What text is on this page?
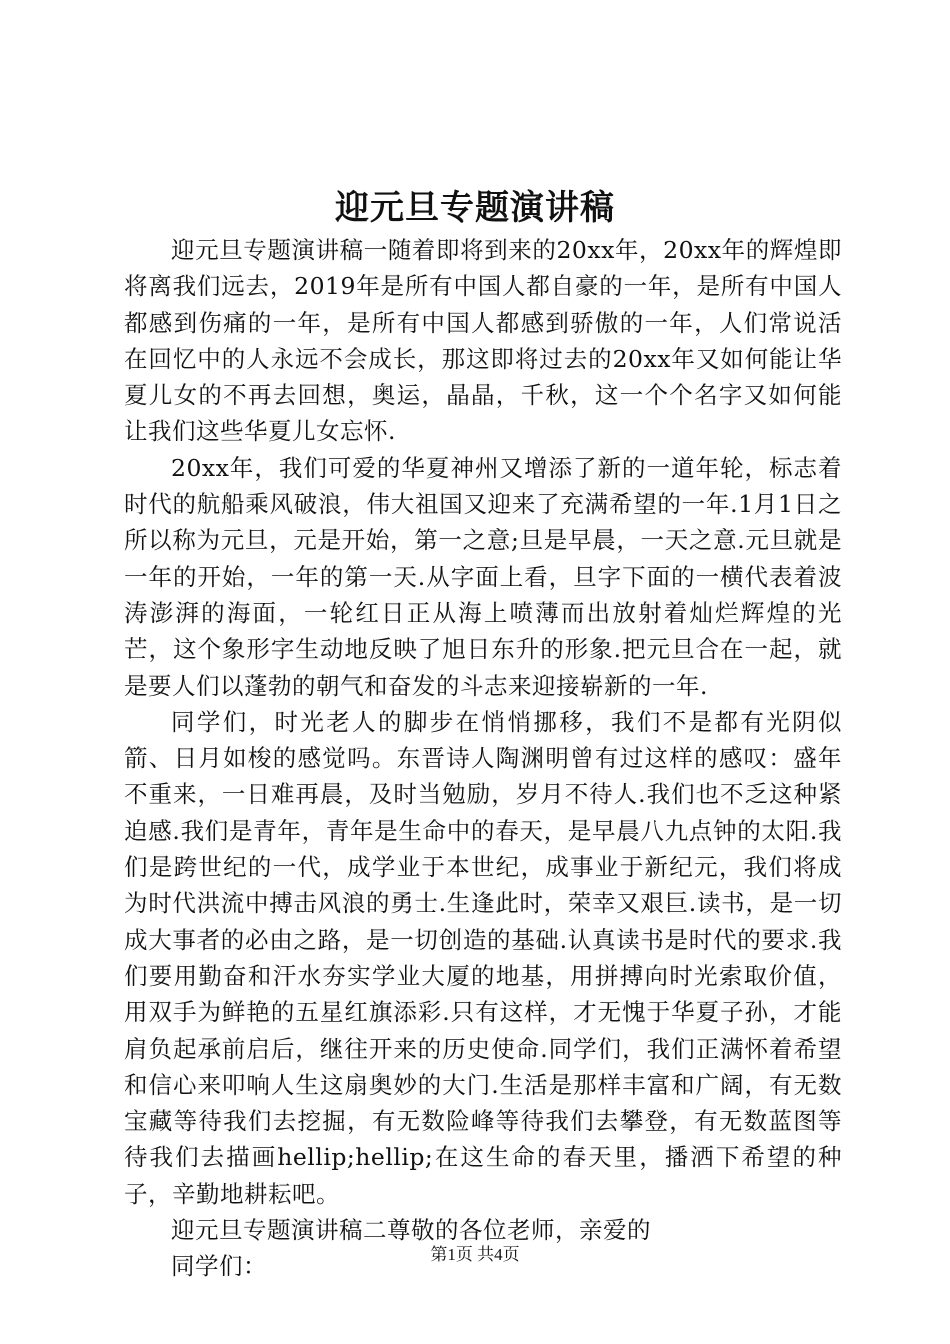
迎元旦专题演讲稿

迎元旦专题演讲稿一随着即将到来的20xx年，20xx年的辉煌即将离我们远去，2019年是所有中国人都自豪的一年，是所有中国人都感到伤痛的一年，是所有中国人都感到骄傲的一年，人们常说活在回忆中的人永远不会成长，那这即将过去的20xx年又如何能让华夏儿女的不再去回想，奥运，晶晶，千秋，这一个个名字又如何能让我们这些华夏儿女忘怀.

20xx年，我们可爱的华夏神州又增添了新的一道年轮，标志着时代的航船乘风破浪，伟大祖国又迎来了充满希望的一年.1月1日之所以称为元旦，元是开始，第一之意;旦是早晨，一天之意.元旦就是一年的开始，一年的第一天.从字面上看，旦字下面的一横代表着波涛澎湃的海面，一轮红日正从海上喷薄而出放射着灿烂辉煌的光芒，这个象形字生动地反映了旭日东升的形象.把元旦合在一起，就是要人们以蓬勃的朝气和奋发的斗志来迎接崭新的一年.

同学们，时光老人的脚步在悄悄挪移，我们不是都有光阴似箭、日月如梭的感觉吗。东晋诗人陶渊明曾有过这样的感叹：盛年不重来，一日难再晨，及时当勉励，岁月不待人.我们也不乏这种紧迫感.我们是青年，青年是生命中的春天，是早晨八九点钟的太阳.我们是跨世纪的一代，成学业于本世纪，成事业于新纪元，我们将成为时代洪流中搏击风浪的勇士.生逢此时，荣幸又艰巨.读书，是一切成大事者的必由之路，是一切创造的基础.认真读书是时代的要求.我们要用勤奋和汗水夯实学业大厦的地基，用拼搏向时光索取价值，用双手为鲜艳的五星红旗添彩.只有这样，才无愧于华夏子孙，才能肩负起承前启后，继往开来的历史使命.同学们，我们正满怀着希望和信心来叩响人生这扇奥妙的大门.生活是那样丰富和广阔，有无数宝藏等待我们去挖掘，有无数险峰等待我们去攀登，有无数蓝图等待我们去描画hellip;hellip;在这生命的春天里，播洒下希望的种子，辛勤地耕耘吧。

迎元旦专题演讲稿二尊敬的各位老师，亲爱的

同学们：	第1页 共4页
